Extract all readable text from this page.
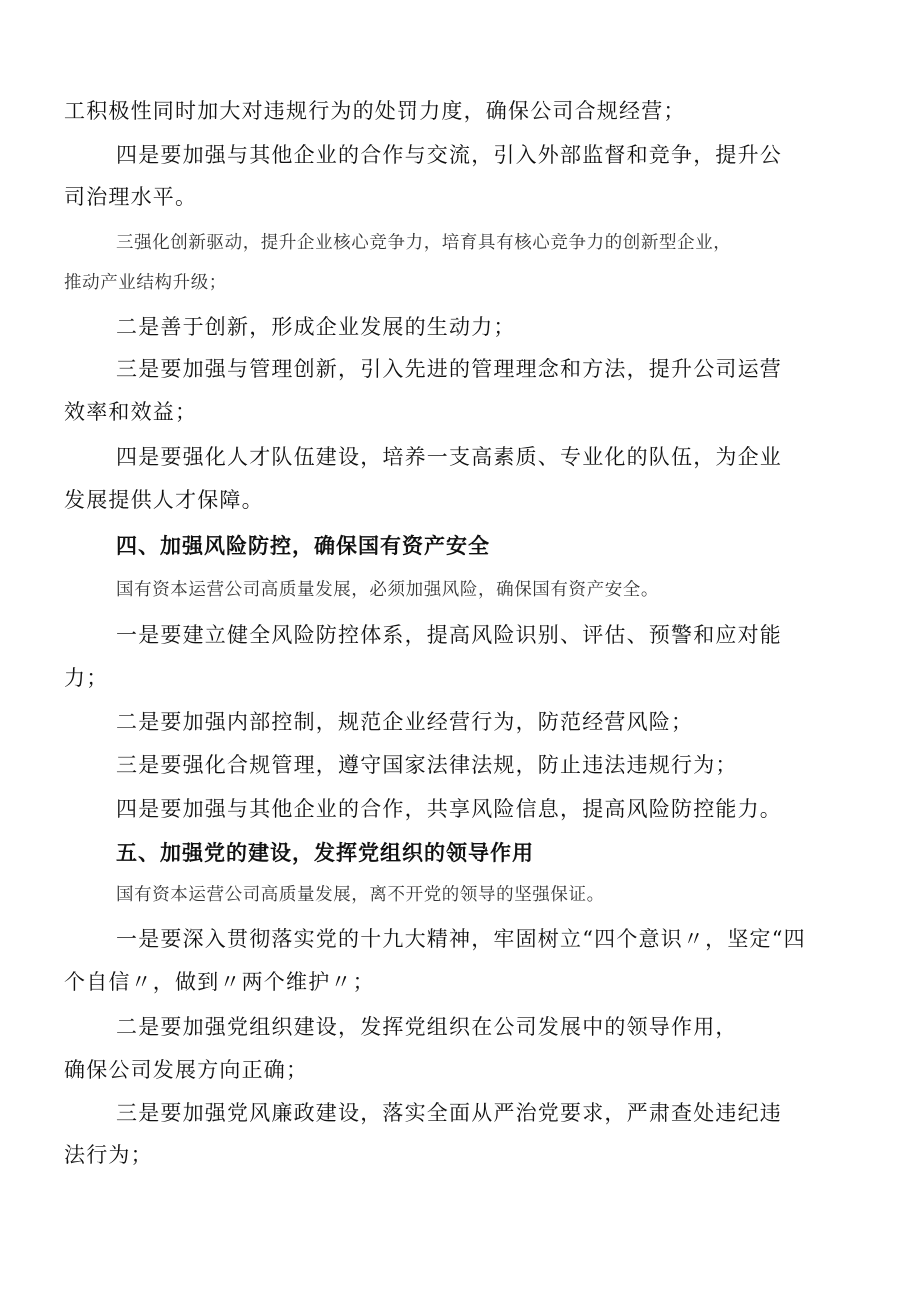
工积极性同时加大对违规行为的处罚力度，确保公司合规经营；
四是要加强与其他企业的合作与交流，引入外部监督和竞争，提升公
司治理水平。
三强化创新驱动，提升企业核心竞争力，培育具有核心竞争力的创新型企业，
推动产业结构升级；
二是善于创新，形成企业发展的生动力；
三是要加强与管理创新，引入先进的管理理念和方法，提升公司运营
效率和效益；
四是要强化人才队伍建设，培养一支高素质、专业化的队伍，为企业
发展提供人才保障。
四、加强风险防控，确保国有资产安全
国有资本运营公司高质量发展，必须加强风险，确保国有资产安全。
一是要建立健全风险防控体系，提高风险识别、评估、预警和应对能
力；
二是要加强内部控制，规范企业经营行为，防范经营风险；
三是要强化合规管理，遵守国家法律法规，防止违法违规行为；
四是要加强与其他企业的合作，共享风险信息，提高风险防控能力。
五、加强党的建设，发挥党组织的领导作用
国有资本运营公司高质量发展，离不开党的领导的坚强保证。
一是要深入贯彻落实党的十九大精神，牢固树立“四个意识〃，坚定“四
个自信〃，做到〃两个维护〃；
二是要加强党组织建设，发挥党组织在公司发展中的领导作用，
确保公司发展方向正确；
三是要加强党风廉政建设，落实全面从严治党要求，严肃查处违纪违
法行为；
